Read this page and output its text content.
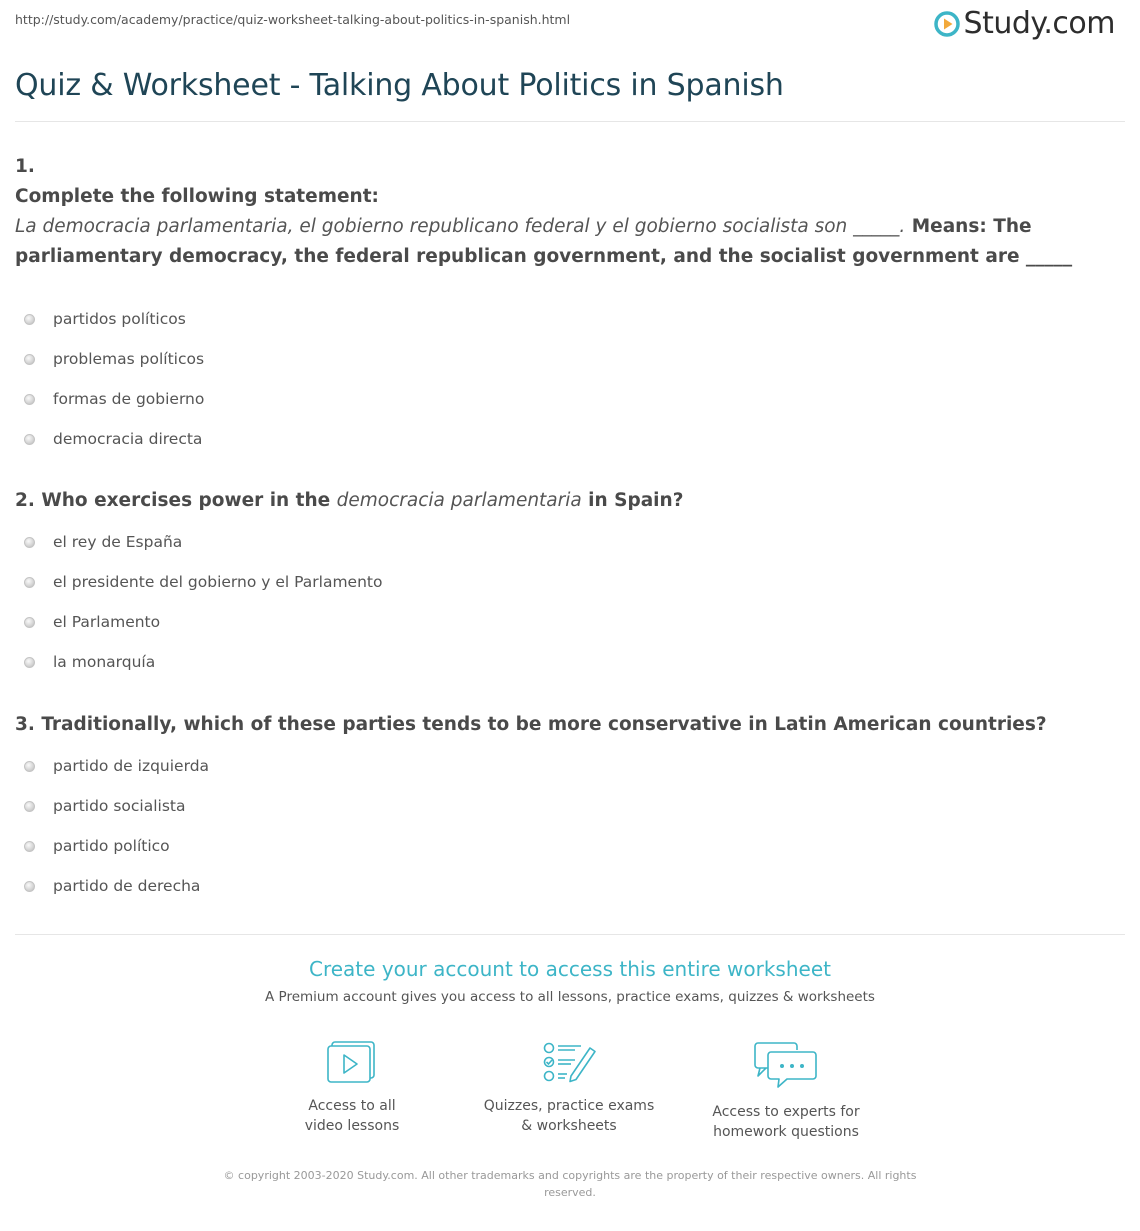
http://study.com/academy/practice/quiz-worksheet-talking-about-politics-in-spanish.html	Study.com
Quiz & Worksheet - Talking About Politics in Spanish
1.
Complete the following statement:
La democracia parlamentaria, el gobierno republicano federal y el gobierno socialista son _____. Means: The parliamentary democracy, the federal republican government, and the socialist government are _____
partidos políticos
problemas políticos
formas de gobierno
democracia directa
2. Who exercises power in the democracia parlamentaria in Spain?
el rey de España
el presidente del gobierno y el Parlamento
el Parlamento
la monarquía
3. Traditionally, which of these parties tends to be more conservative in Latin American countries?
partido de izquierda
partido socialista
partido político
partido de derecha

Create your account to access this entire worksheet

A Premium account gives you access to all lessons, practice exams, quizzes & worksheets
Access to all
video lessons
Quizzes, practice exams
& worksheets
Access to experts for
homework questions
© copyright 2003-2020 Study.com. All other trademarks and copyrights are the property of their respective owners. All rights reserved.
